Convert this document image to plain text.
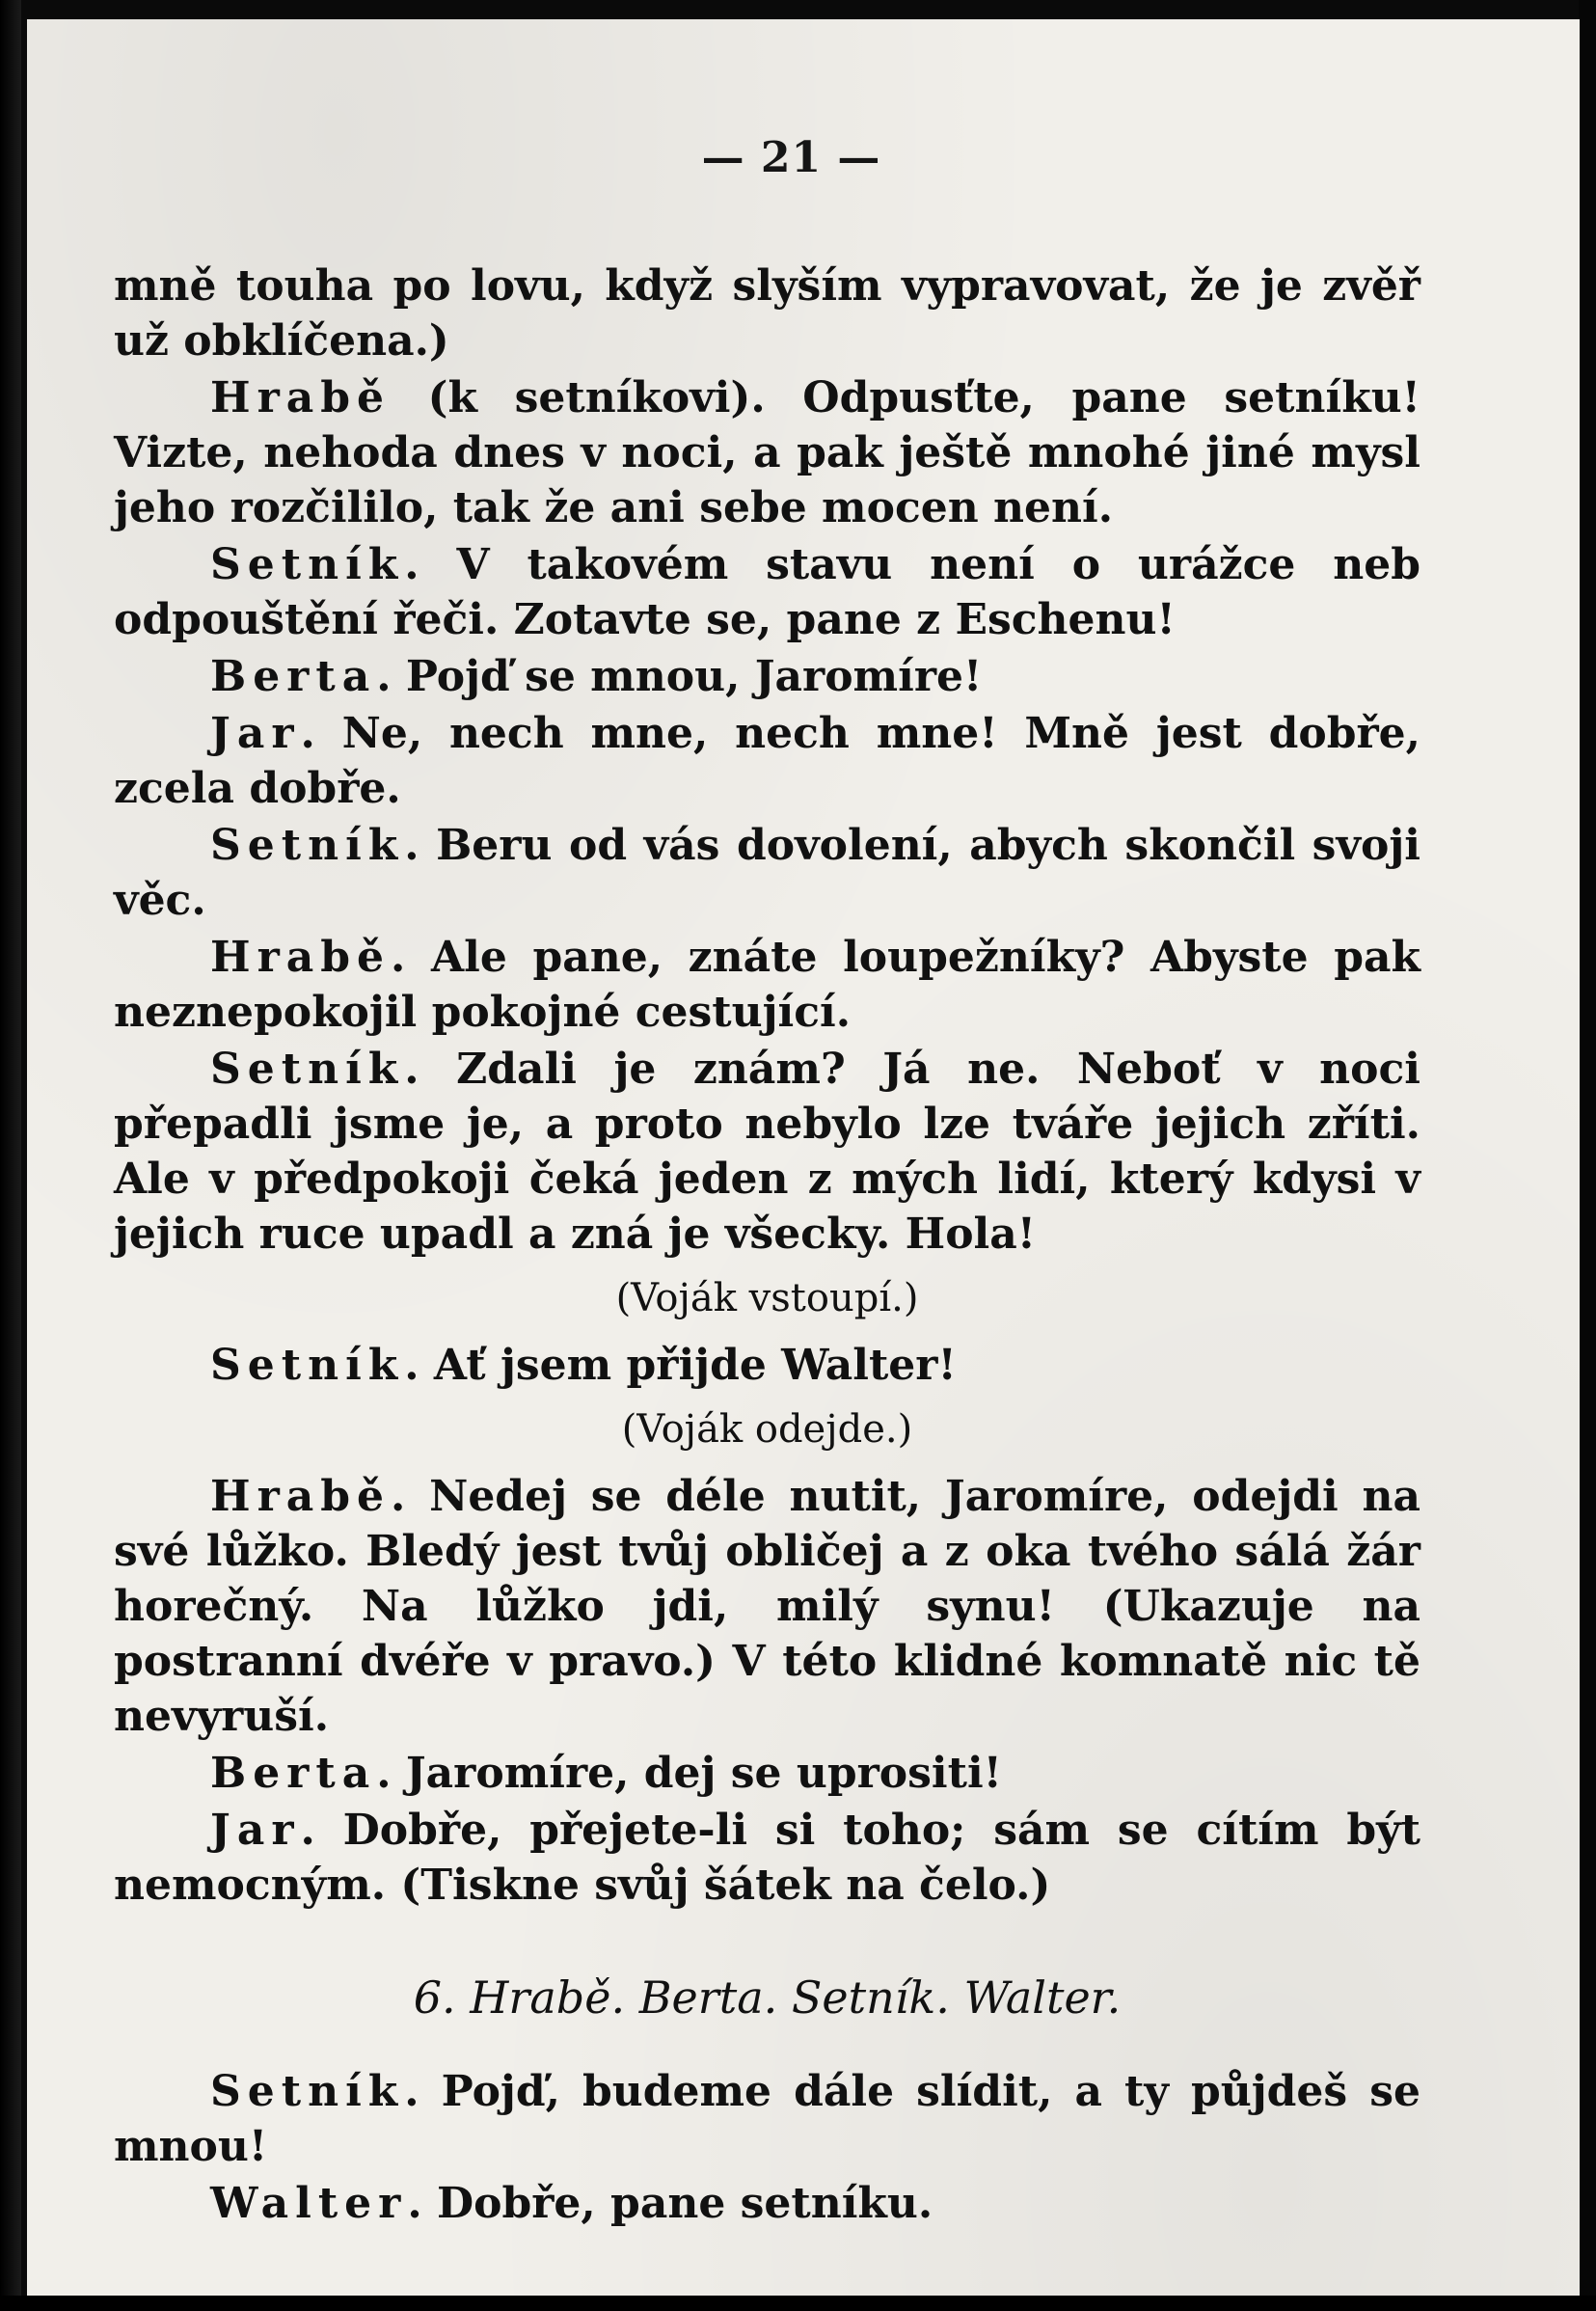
— 21 —

mně touha po lovu, když slyším vypravovat, že je zvěř už obklíčena.)

Hrabě (k setníkovi). Odpusťte, pane setníku! Vizte, nehoda dnes v noci, a pak ještě mnohé jiné mysl jeho rozčililo, tak že ani sebe mocen není.

Setník. V takovém stavu není o urážce neb odpouštění řeči. Zotavte se, pane z Eschenu!

Berta. Pojď se mnou, Jaromíre!

Jar. Ne, nech mne, nech mne! Mně jest dobře, zcela dobře.

Setník. Beru od vás dovolení, abych skončil svoji věc.

Hrabě. Ale pane, znáte loupežníky? Abyste pak neznepokojil pokojné cestující.

Setník. Zdali je znám? Já ne. Neboť v noci přepadli jsme je, a proto nebylo lze tváře jejich zříti. Ale v předpokoji čeká jeden z mých lidí, který kdysi v jejich ruce upadl a zná je všecky. Hola!

(Voják vstoupí.)

Setník. Ať jsem přijde Walter!

(Voják odejde.)

Hrabě. Nedej se déle nutit, Jaromíre, odejdi na své lůžko. Bledý jest tvůj obličej a z oka tvého sálá žár horečný. Na lůžko jdi, milý synu! (Ukazuje na postranní dvéře v pravo.) V této klidné komnatě nic tě nevyruší.

Berta. Jaromíre, dej se uprositi!

Jar. Dobře, přejete-li si toho; sám se cítím být nemocným. (Tiskne svůj šátek na čelo.)

6. Hrabě. Berta. Setník. Walter.

Setník. Pojď, budeme dále slídit, a ty půjdeš se mnou!

Walter. Dobře, pane setníku.
